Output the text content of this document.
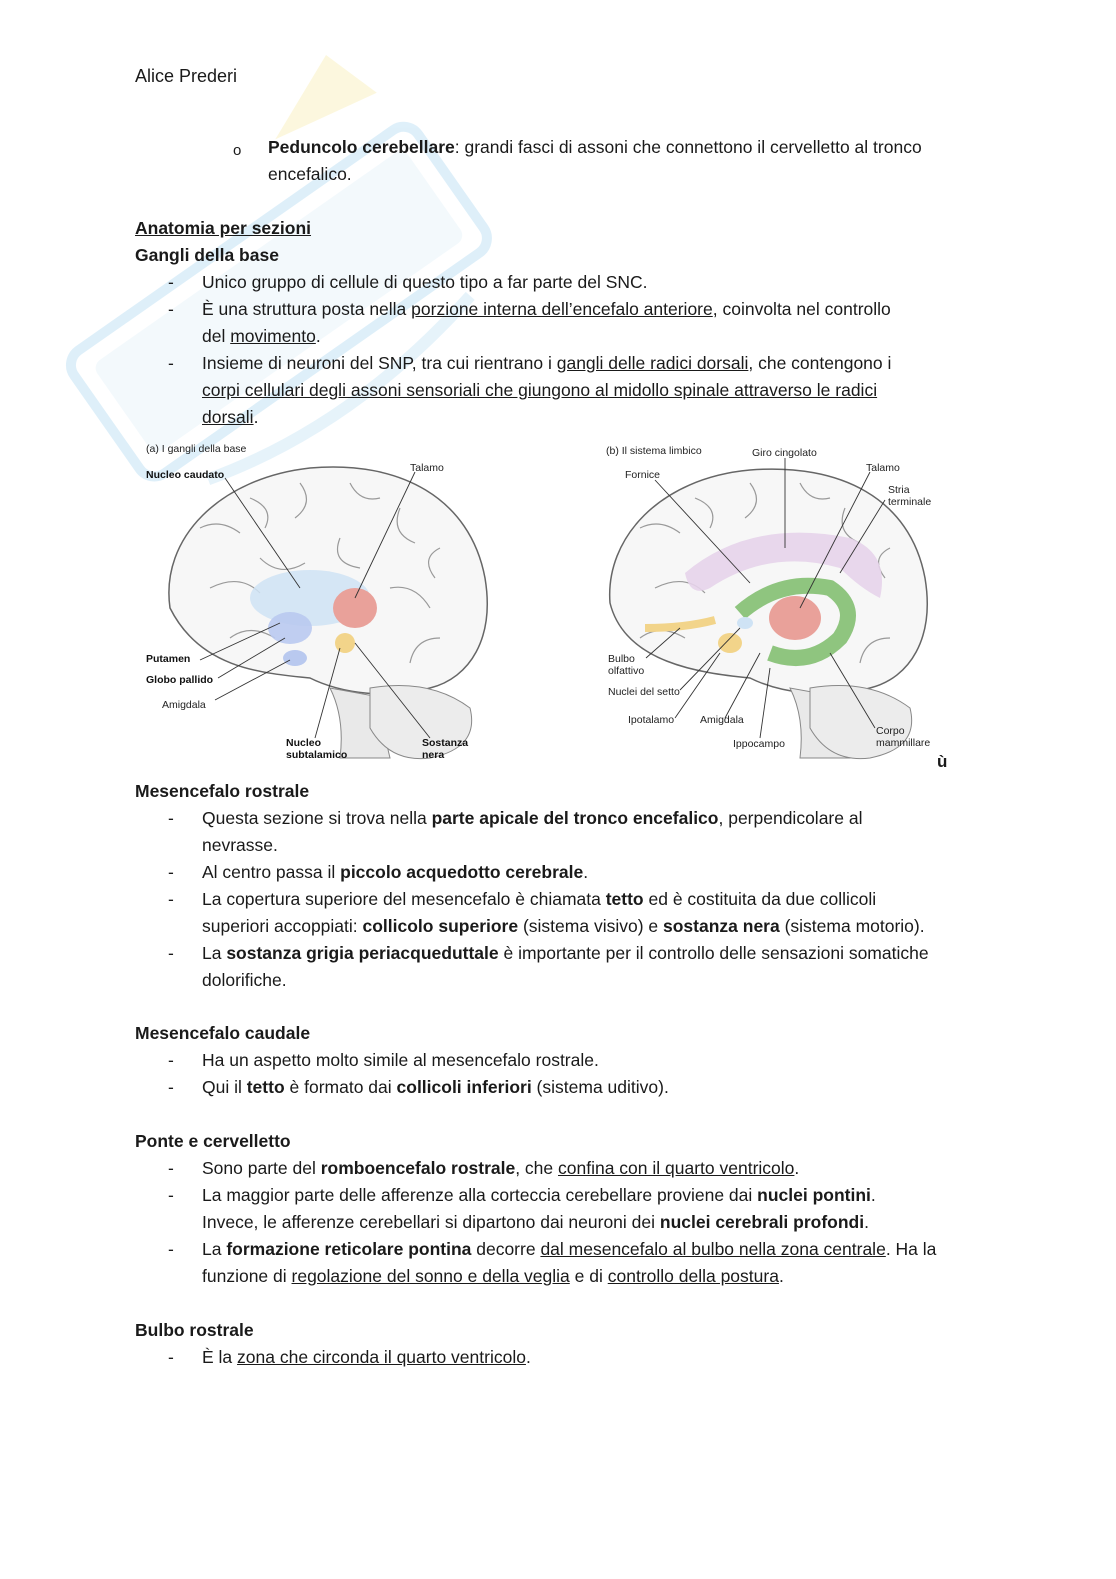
Alice Prederi
o Peduncolo cerebellare: grandi fasci di assoni che connettono il cervelletto al tronco
encefalico.
Anatomia per sezioni
Gangli della base
-	Unico gruppo di cellule di questo tipo a far parte del SNC.
-	È una struttura posta nella porzione interna dell’encefalo anteriore, coinvolta nel controllo
del movimento.
-	Insieme di neuroni del SNP, tra cui rientrano i gangli delle radici dorsali, che contengono i
corpi cellulari degli assoni sensoriali che giungono al midollo spinale attraverso le radici
dorsali.
(a) I gangli della base
Nucleo caudato
Talamo
Putamen
Globo pallido
Amigdala
Nucleo
subtalamico
Sostanza
nera
(b) Il sistema limbico	Giro cingolato
Fornice
Talamo
Stria
terminale
Bulbo
olfattivo
Nuclei del setto
Ipotalamo Amigdala
Ippocampo
Corpo
mammillare
ù
Mesencefalo rostrale
-	Questa sezione si trova nella parte apicale del tronco encefalico, perpendicolare al
nevrasse.
-	Al centro passa il piccolo acquedotto cerebrale.
-	La copertura superiore del mesencefalo è chiamata tetto ed è costituita da due collicoli
superiori accoppiati: collicolo superiore (sistema visivo) e sostanza nera (sistema motorio).
-	La sostanza grigia periacqueduttale è importante per il controllo delle sensazioni somatiche
dolorifiche.
Mesencefalo caudale
-	Ha un aspetto molto simile al mesencefalo rostrale.
-	Qui il tetto è formato dai collicoli inferiori (sistema uditivo).
Ponte e cervelletto
-	Sono parte del romboencefalo rostrale, che confina con il quarto ventricolo.
-	La maggior parte delle afferenze alla corteccia cerebellare proviene dai nuclei pontini.
Invece, le afferenze cerebellari si dipartono dai neuroni dei nuclei cerebrali profondi.
-	La formazione reticolare pontina decorre dal mesencefalo al bulbo nella zona centrale. Ha la
funzione di regolazione del sonno e della veglia e di controllo della postura.
Bulbo rostrale
-	È la zona che circonda il quarto ventricolo.
